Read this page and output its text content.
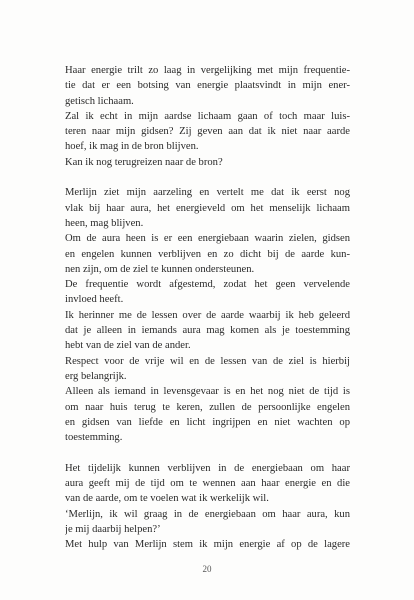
Haar energie trilt zo laag in vergelijking met mijn frequentie-
tie dat er een botsing van energie plaatsvindt in mijn ener-
getisch lichaam.
Zal ik echt in mijn aardse lichaam gaan of toch maar luis-
teren naar mijn gidsen? Zij geven aan dat ik niet naar aarde
hoef, ik mag in de bron blijven.
Kan ik nog terugreizen naar de bron?
Merlijn ziet mijn aarzeling en vertelt me dat ik eerst nog
vlak bij haar aura, het energieveld om het menselijk lichaam
heen, mag blijven.
Om de aura heen is er een energiebaan waarin zielen, gidsen
en engelen kunnen verblijven en zo dicht bij de aarde kun-
nen zijn, om de ziel te kunnen ondersteunen.
De frequentie wordt afgestemd, zodat het geen vervelende
invloed heeft.
Ik herinner me de lessen over de aarde waarbij ik heb geleerd
dat je alleen in iemands aura mag komen als je toestemming
hebt van de ziel van de ander.
Respect voor de vrije wil en de lessen van de ziel is hierbij
erg belangrijk.
Alleen als iemand in levensgevaar is en het nog niet de tijd is
om naar huis terug te keren, zullen de persoonlijke engelen
en gidsen van liefde en licht ingrijpen en niet wachten op
toestemming.
Het tijdelijk kunnen verblijven in de energiebaan om haar
aura geeft mij de tijd om te wennen aan haar energie en die
van de aarde, om te voelen wat ik werkelijk wil.
‘Merlijn, ik wil graag in de energiebaan om haar aura, kun
je mij daarbij helpen?’
Met hulp van Merlijn stem ik mijn energie af op de lagere
20
